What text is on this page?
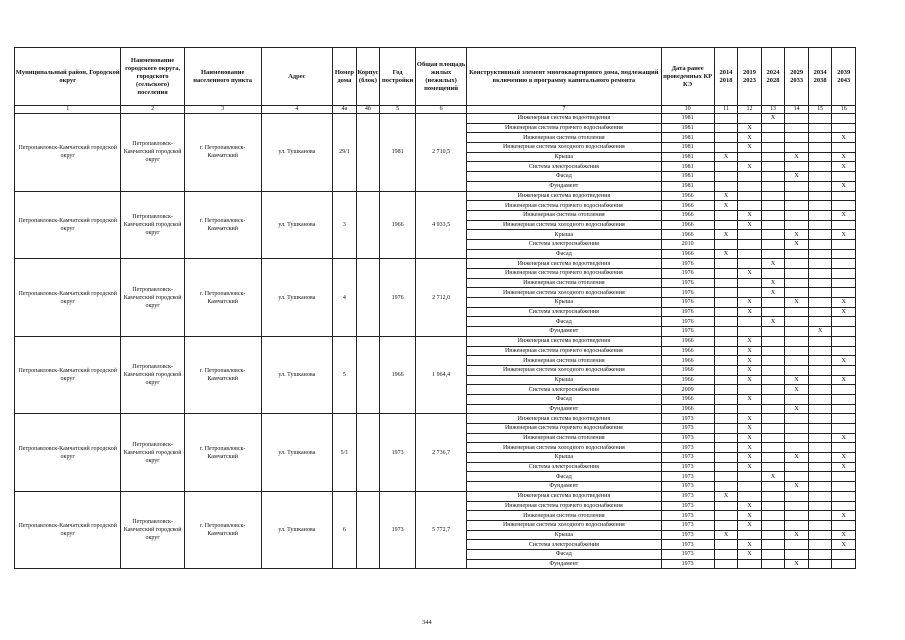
Муниципальный район, Городской округ	Наименование городского округа, городского (сельского) поселения	Наименование населенного пункта	Адрес	Номер дома	Корпус (блок)	Год постройки	Общая площадь жилых (нежилых) помещений	Конструктивный элемент многоквартирного дома, подлежащий включению в программу капитального ремонта	Дата ранее проведенных КР КЭ	2014 2018	2019 2023	2024 2028	2029 2033	2034 2038	2039 2043
1	2	3	4	4а	4б	5	6	7	10	11	12	13	14	15	16
Петропавловск-Камчатский городской округ	Петропавловск-Камчатский городской округ	г. Петропавловск-Камчатский	ул. Тушканова	29/1		1981	2 710,5	Инженерная система водоотведения	1981			X			
								Инженерная система горячего водоснабжения	1981		X				
								Инженерная система отопления	1981		X				X
								Инженерная система холодного водоснабжения	1981		X				
								Крыша	1981	X			X		X
								Система электроснабжения	1981		X				X
								Фасад	1981				X		
								Фундамент	1981						X
Петропавловск-Камчатский городской округ	Петропавловск-Камчатский городской округ	г. Петропавловск-Камчатский	ул. Тушканова	3		1966	4 933,5	Инженерная система водоотведения	1966	X					
								Инженерная система горячего водоснабжения	1966	X					
								Инженерная система отопления	1966		X				X
								Инженерная система холодного водоснабжения	1966		X				
								Крыша	1966	X			X		X
								Система электроснабжения	2010				X		
								Фасад	1966	X					
Петропавловск-Камчатский городской округ	Петропавловск-Камчатский городской округ	г. Петропавловск-Камчатский	ул. Тушканова	4		1976	2 712,0	Инженерная система водоотведения	1976			X			
								Инженерная система горячего водоснабжения	1976		X				
								Инженерная система отопления	1976			X			
								Инженерная система холодного водоснабжения	1976			X			
								Крыша	1976		X		X		X
								Система электроснабжения	1976		X				X
								Фасад	1976			X			
								Фундамент	1976					X	
Петропавловск-Камчатский городской округ	Петропавловск-Камчатский городской округ	г. Петропавловск-Камчатский	ул. Тушканова	5		1966	1 964,4	Инженерная система водоотведения	1966		X				
								Инженерная система горячего водоснабжения	1966		X				
								Инженерная система отопления	1966		X				X
								Инженерная система холодного водоснабжения	1966		X				
								Крыша	1966		X		X		X
								Система электроснабжения	2009				X		
								Фасад	1966		X				
								Фундамент	1966				X		
Петропавловск-Камчатский городской округ	Петропавловск-Камчатский городской округ	г. Петропавловск-Камчатский	ул. Тушканова	5/1		1973	2 736,7	Инженерная система водоотведения	1973		X				
								Инженерная система горячего водоснабжения	1973		X				
								Инженерная система отопления	1973		X				X
								Инженерная система холодного водоснабжения	1973		X				
								Крыша	1973		X		X		X
								Система электроснабжения	1973		X				X
								Фасад	1973			X			
								Фундамент	1973				X		
Петропавловск-Камчатский городской округ	Петропавловск-Камчатский городской округ	г. Петропавловск-Камчатский	ул. Тушканова	6		1973	5 772,7	Инженерная система водоотведения	1973	X					
								Инженерная система горячего водоснабжения	1973		X				
								Инженерная система отопления	1973		X				X
								Инженерная система холодного водоснабжения	1973		X				
								Крыша	1973	X			X		X
								Система электроснабжения	1973		X				X
								Фасад	1973		X				
								Фундамент	1973				X		
344
